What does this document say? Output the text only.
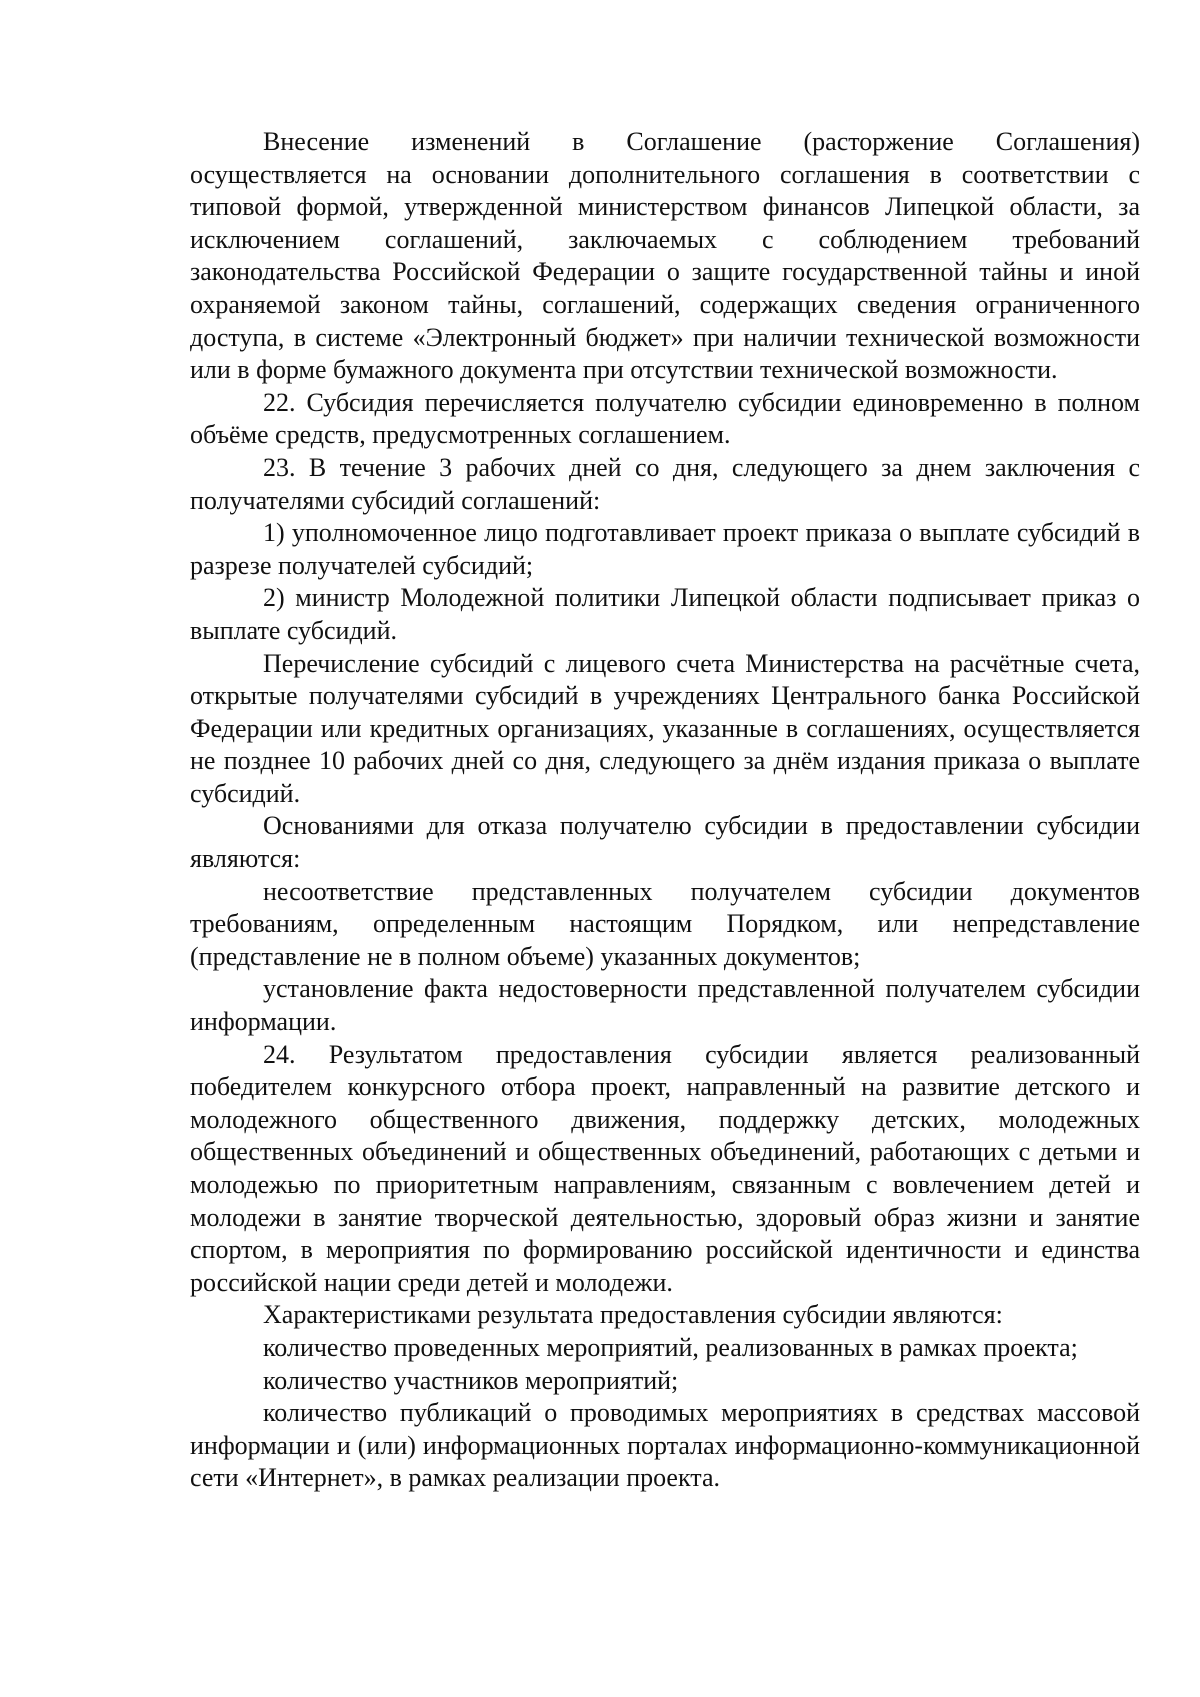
Внесение изменений в Соглашение (расторжение Соглашения) осуществляется на основании дополнительного соглашения в соответствии с типовой формой, утвержденной министерством финансов Липецкой области, за исключением соглашений, заключаемых с соблюдением требований законодательства Российской Федерации о защите государственной тайны и иной охраняемой законом тайны, соглашений, содержащих сведения ограниченного доступа, в системе «Электронный бюджет» при наличии технической возможности или в форме бумажного документа при отсутствии технической возможности.

22. Субсидия перечисляется получателю субсидии единовременно в полном объёме средств, предусмотренных соглашением.

23. В течение 3 рабочих дней со дня, следующего за днем заключения с получателями субсидий соглашений:

1) уполномоченное лицо подготавливает проект приказа о выплате субсидий в разрезе получателей субсидий;

2) министр Молодежной политики Липецкой области подписывает приказ о выплате субсидий.

Перечисление субсидий с лицевого счета Министерства на расчётные счета, открытые получателями субсидий в учреждениях Центрального банка Российской Федерации или кредитных организациях, указанные в соглашениях, осуществляется не позднее 10 рабочих дней со дня, следующего за днём издания приказа о выплате субсидий.

Основаниями для отказа получателю субсидии в предоставлении субсидии являются:

несоответствие представленных получателем субсидии документов требованиям, определенным настоящим Порядком, или непредставление (представление не в полном объеме) указанных документов;

установление факта недостоверности представленной получателем субсидии информации.

24. Результатом предоставления субсидии является реализованный победителем конкурсного отбора проект, направленный на развитие детского и молодежного общественного движения, поддержку детских, молодежных общественных объединений и общественных объединений, работающих с детьми и молодежью по приоритетным направлениям, связанным с вовлечением детей и молодежи в занятие творческой деятельностью, здоровый образ жизни и занятие спортом, в мероприятия по формированию российской идентичности и единства российской нации среди детей и молодежи.

Характеристиками результата предоставления субсидии являются:

количество проведенных мероприятий, реализованных в рамках проекта;

количество участников мероприятий;

количество публикаций о проводимых мероприятиях в средствах массовой информации и (или) информационных порталах информационно-коммуникационной сети «Интернет», в рамках реализации проекта.
